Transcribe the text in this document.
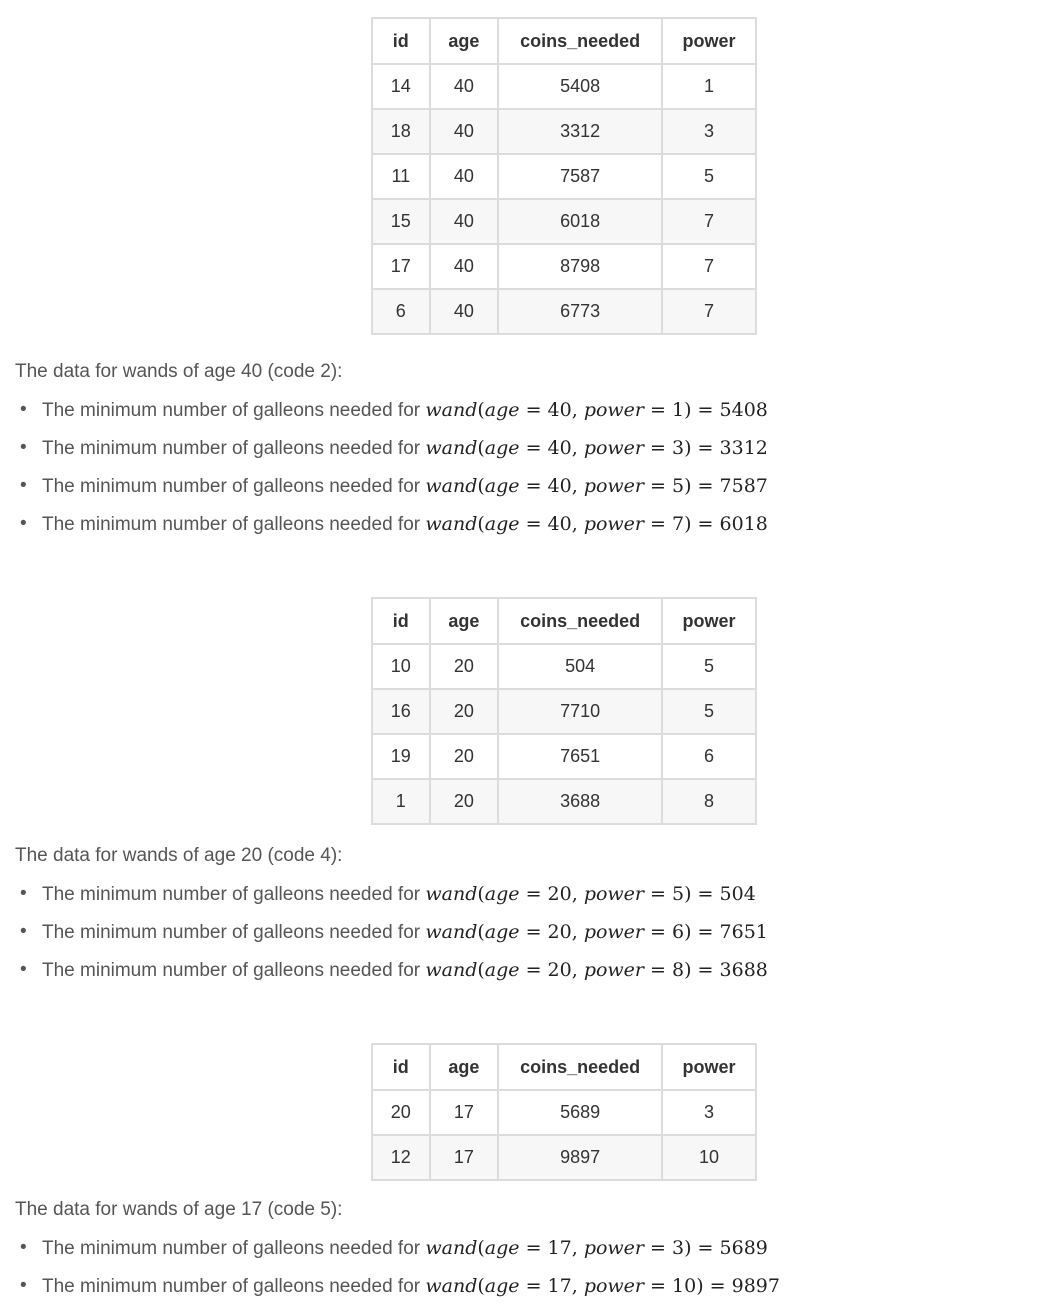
id	age	coins_needed	power
14	40	5408	1
18	40	3312	3
11	40	7587	5
15	40	6018	7
17	40	8798	7
6	40	6773	7
The data for wands of age 40 (code 2):
• The minimum number of galleons needed for wand(age = 40, power = 1) = 5408
• The minimum number of galleons needed for wand(age = 40, power = 3) = 3312
• The minimum number of galleons needed for wand(age = 40, power = 5) = 7587
• The minimum number of galleons needed for wand(age = 40, power = 7) = 6018
id	age	coins_needed	power
10	20	504	5
16	20	7710	5
19	20	7651	6
1	20	3688	8
The data for wands of age 20 (code 4):
• The minimum number of galleons needed for wand(age = 20, power = 5) = 504
• The minimum number of galleons needed for wand(age = 20, power = 6) = 7651
• The minimum number of galleons needed for wand(age = 20, power = 8) = 3688
id	age	coins_needed	power
20	17	5689	3
12	17	9897	10
The data for wands of age 17 (code 5):
• The minimum number of galleons needed for wand(age = 17, power = 3) = 5689
• The minimum number of galleons needed for wand(age = 17, power = 10) = 9897
